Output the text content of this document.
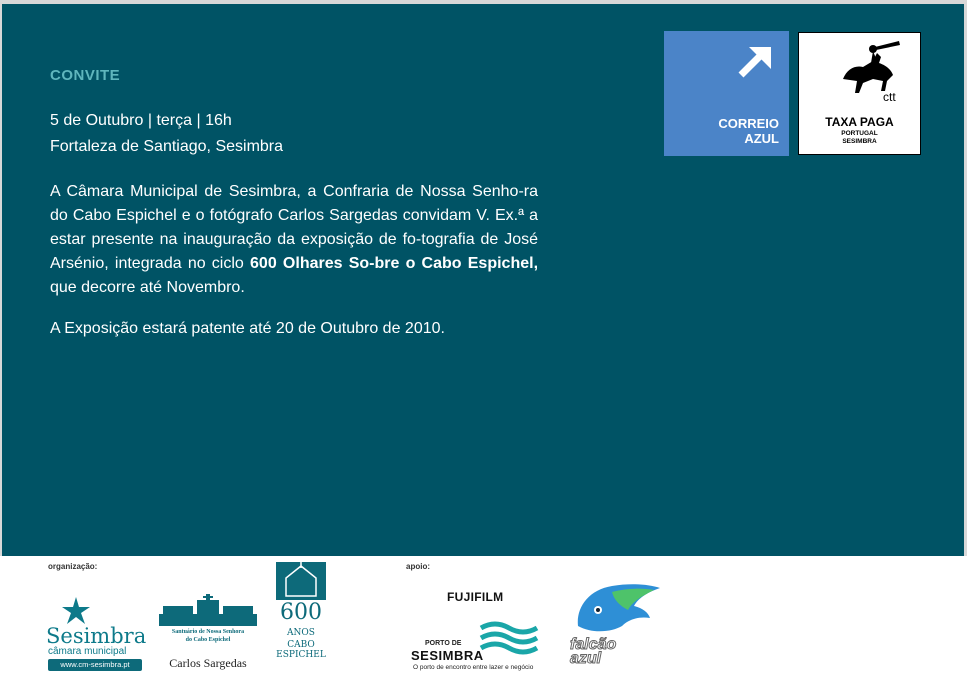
CONVITE
5 de Outubro | terça | 16h
Fortaleza de Santiago, Sesimbra

A Câmara Municipal de Sesimbra, a Confraria de Nossa Senho-ra do Cabo Espichel e o fotógrafo Carlos Sargedas convidam V. Ex.ª a estar presente na inauguração da exposição de fo-tografia de José Arsénio, integrada no ciclo 600 Olhares So-bre o Cabo Espichel, que decorre até Novembro.

A Exposição estará patente até 20 de Outubro de 2010.
CORREIO
AZUL
ctt
TAXA PAGA
PORTUGAL
SESIMBRA
organização:	apoio:
Sesimbra
câmara municipal
www.cm-sesimbra.pt
Santuário de Nossa Senhora
do Cabo Espichel
Carlos Sargedas
600
ANOS
CABO
ESPICHEL
FUJIFILM
PORTO DE
SESIMBRA
O porto de encontro entre lazer e negócio
falcão
azul
